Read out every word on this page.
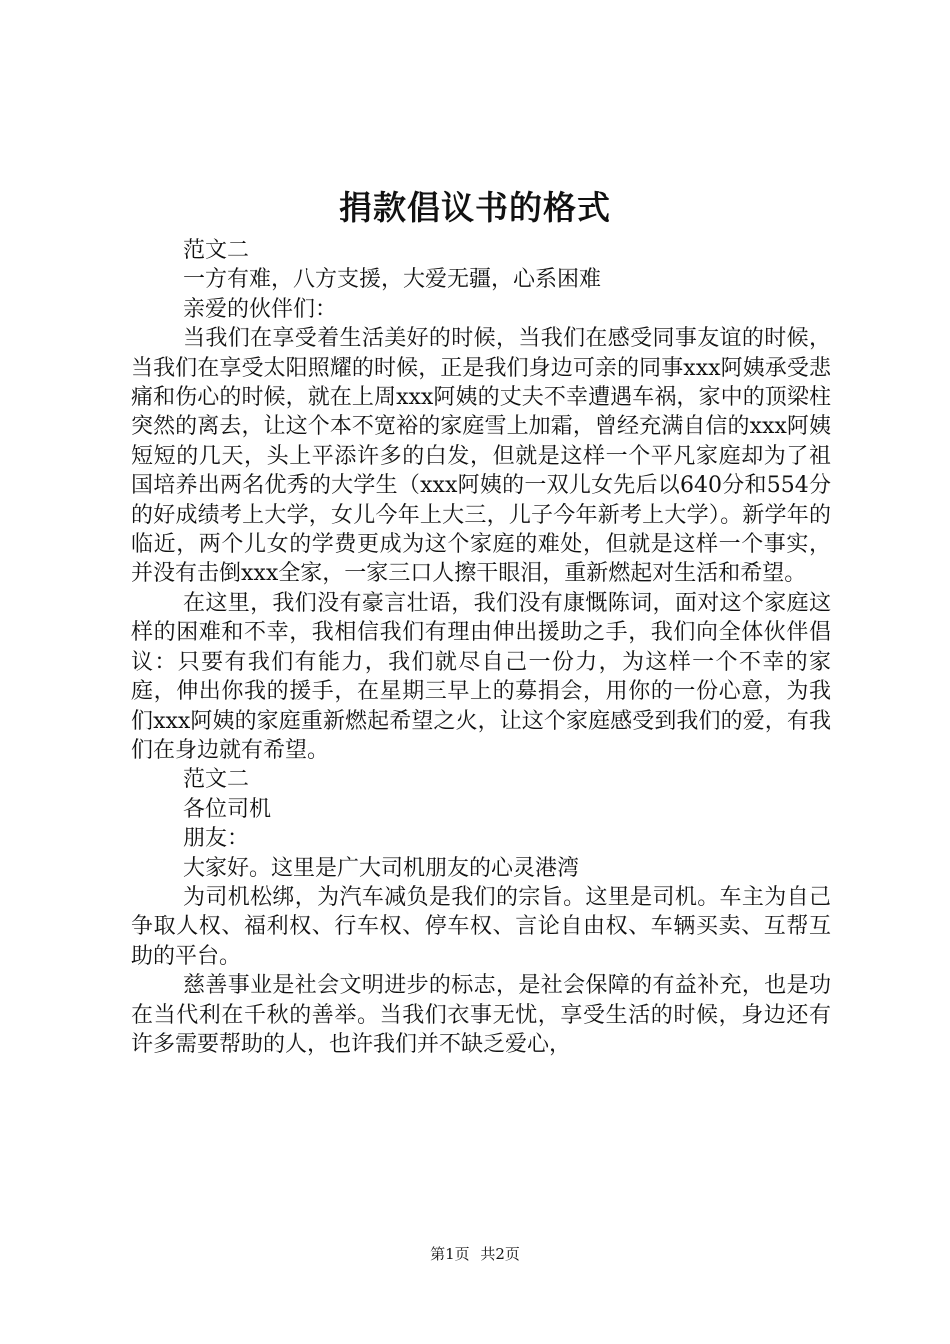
捐款倡议书的格式

范文二

一方有难，八方支援，大爱无疆，心系困难

亲爱的伙伴们：

当我们在享受着生活美好的时候，当我们在感受同事友谊的时候，当我们在享受太阳照耀的时候，正是我们身边可亲的同事xxx阿姨承受悲痛和伤心的时候，就在上周xxx阿姨的丈夫不幸遭遇车祸，家中的顶梁柱突然的离去，让这个本不宽裕的家庭雪上加霜，曾经充满自信的xxx阿姨短短的几天，头上平添许多的白发，但就是这样一个平凡家庭却为了祖国培养出两名优秀的大学生（xxx阿姨的一双儿女先后以640分和554分的好成绩考上大学，女儿今年上大三，儿子今年新考上大学）。新学年的临近，两个儿女的学费更成为这个家庭的难处，但就是这样一个事实，并没有击倒xxx全家，一家三口人擦干眼泪，重新燃起对生活和希望。

在这里，我们没有豪言壮语，我们没有康慨陈词，面对这个家庭这样的困难和不幸，我相信我们有理由伸出援助之手，我们向全体伙伴倡议：只要有我们有能力，我们就尽自己一份力，为这样一个不幸的家庭，伸出你我的援手，在星期三早上的募捐会，用你的一份心意，为我们xxx阿姨的家庭重新燃起希望之火，让这个家庭感受到我们的爱，有我们在身边就有希望。

范文二

各位司机

朋友：

大家好。这里是广大司机朋友的心灵港湾

为司机松绑，为汽车减负是我们的宗旨。这里是司机。车主为自己争取人权、福利权、行车权、停车权、言论自由权、车辆买卖、互帮互助的平台。

慈善事业是社会文明进步的标志，是社会保障的有益补充，也是功在当代利在千秋的善举。当我们衣事无忧，享受生活的时候，身边还有许多需要帮助的人，也许我们并不缺乏爱心，

第1页 共2页
